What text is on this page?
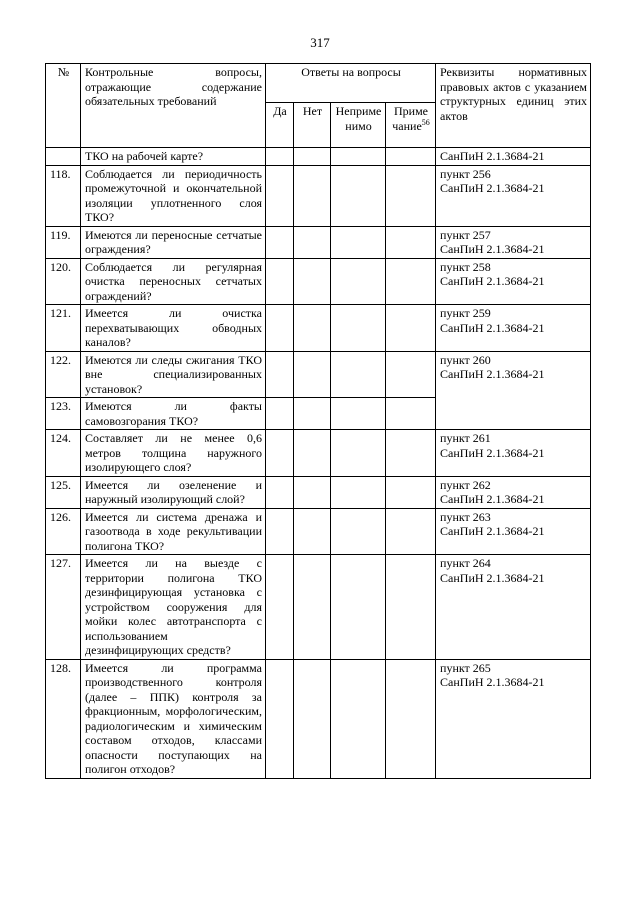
317
№	Контрольные вопросы, отражающие содержание обязательных требований	Ответы на вопросы				Реквизиты нормативных правовых актов с указанием структурных единиц этих актов
		Да	Нет	Неприме нимо	Приме чание$^{56}$
	ТКО на рабочей карте?					СанПиН 2.1.3684-21
118.	Соблюдается ли периодичность промежуточной и окончательной изоляции уплотненного слоя ТКО?					пункт 256
СанПиН 2.1.3684-21

119.	Имеются ли переносные сетчатые ограждения?					пункт 257
СанПиН 2.1.3684-21

120.	Соблюдается ли регулярная очистка переносных сетчатых ограждений?					пункт 258
СанПиН 2.1.3684-21

121.	Имеется ли очистка перехватывающих обводных каналов?					пункт 259
СанПиН 2.1.3684-21

122.	Имеются ли следы сжигания ТКО вне специализированных установок?					пункт 260
СанПиН 2.1.3684-21

123.	Имеются ли факты самовозгорания ТКО?					
124.	Составляет ли не менее 0,6 метров толщина наружного изолирующего слоя?					пункт 261
СанПиН 2.1.3684-21

125.	Имеется ли озеленение и наружный изолирующий слой?					пункт 262
СанПиН 2.1.3684-21

126.	Имеется ли система дренажа и газоотвода в ходе рекультивации полигона ТКО?					пункт 263
СанПиН 2.1.3684-21

127.	Имеется ли на выезде с территории полигона ТКО дезинфицирующая установка с устройством сооружения для мойки колес автотранспорта с использованием дезинфицирующих средств?					пункт 264
СанПиН 2.1.3684-21

128.	Имеется ли программа производственного контроля (далее – ППК) контроля за фракционным, морфологическим, радиологическим и химическим составом отходов, классами опасности поступающих на полигон отходов?					пункт 265
СанПиН 2.1.3684-21
